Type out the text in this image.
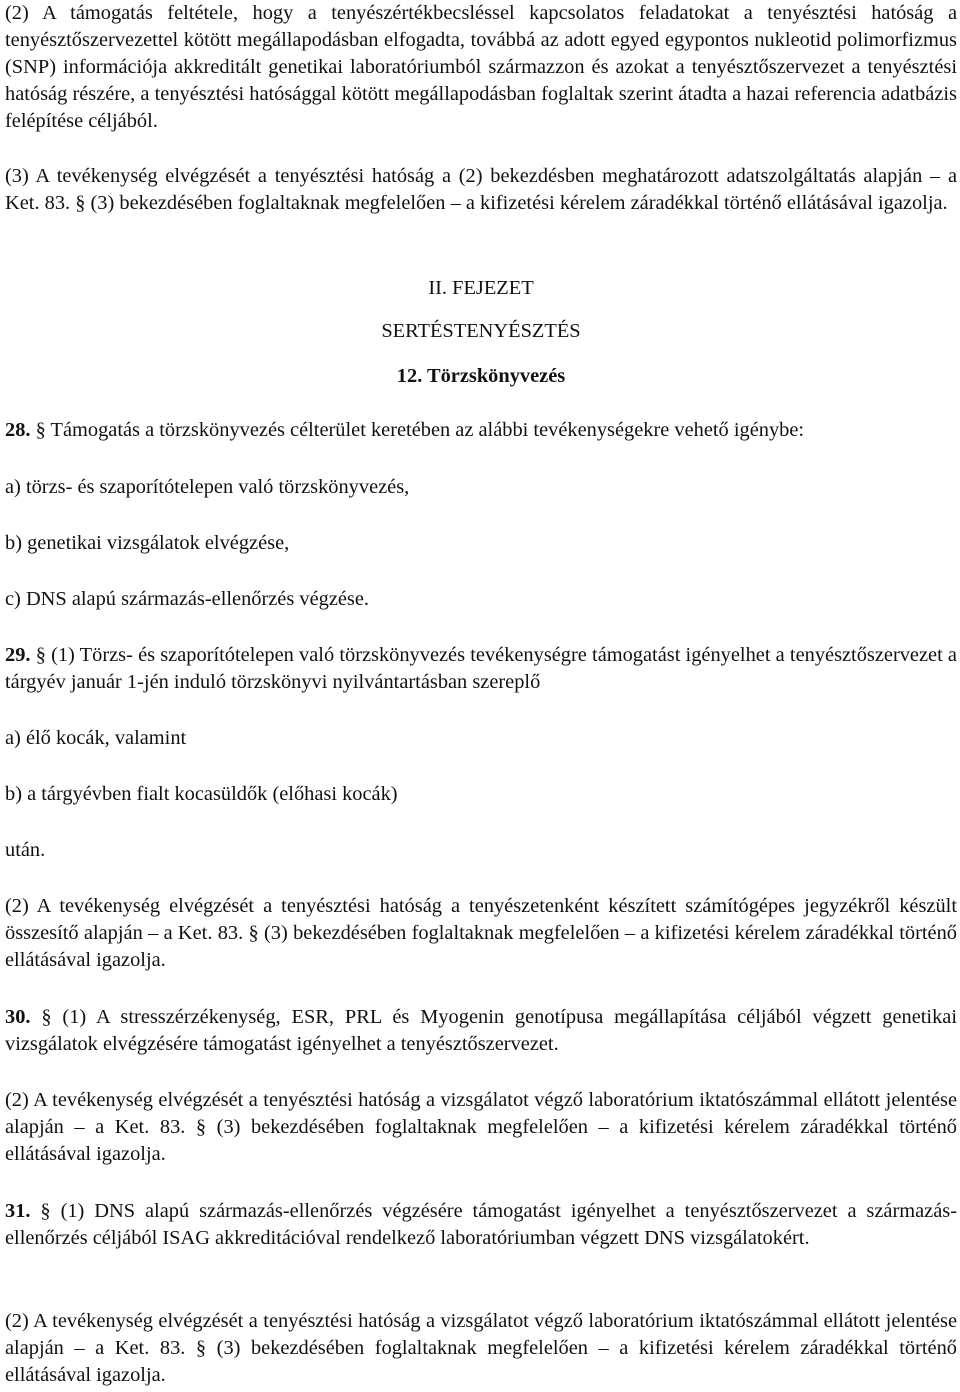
(2) A támogatás feltétele, hogy a tenyészértékbecsléssel kapcsolatos feladatokat a tenyésztési hatóság a tenyésztőszervezettel kötött megállapodásban elfogadta, továbbá az adott egyed egypontos nukleotid polimorfizmus (SNP) információja akkreditált genetikai laboratóriumból származzon és azokat a tenyésztőszervezet a tenyésztési hatóság részére, a tenyésztési hatósággal kötött megállapodásban foglaltak szerint átadta a hazai referencia adatbázis felépítése céljából.

(3) A tevékenység elvégzését a tenyésztési hatóság a (2) bekezdésben meghatározott adatszolgáltatás alapján – a Ket. 83. § (3) bekezdésében foglaltaknak megfelelően – a kifizetési kérelem záradékkal történő ellátásával igazolja.

II. FEJEZET

SERTÉSTENYÉSZTÉS

12. Törzskönyvezés

28. § Támogatás a törzskönyvezés célterület keretében az alábbi tevékenységekre vehető igénybe:

a) törzs- és szaporítótelepen való törzskönyvezés,

b) genetikai vizsgálatok elvégzése,

c) DNS alapú származás-ellenőrzés végzése.

29. § (1) Törzs- és szaporítótelepen való törzskönyvezés tevékenységre támogatást igényelhet a tenyésztőszervezet a tárgyév január 1-jén induló törzskönyvi nyilvántartásban szereplő

a) élő kocák, valamint

b) a tárgyévben fialt kocasüldők (előhasi kocák)

után.

(2) A tevékenység elvégzését a tenyésztési hatóság a tenyészetenként készített számítógépes jegyzékről készült összesítő alapján – a Ket. 83. § (3) bekezdésében foglaltaknak megfelelően – a kifizetési kérelem záradékkal történő ellátásával igazolja.

30. § (1) A stresszérzékenység, ESR, PRL és Myogenin genotípusa megállapítása céljából végzett genetikai vizsgálatok elvégzésére támogatást igényelhet a tenyésztőszervezet.

(2) A tevékenység elvégzését a tenyésztési hatóság a vizsgálatot végző laboratórium iktatószámmal ellátott jelentése alapján – a Ket. 83. § (3) bekezdésében foglaltaknak megfelelően – a kifizetési kérelem záradékkal történő ellátásával igazolja.

31. § (1) DNS alapú származás-ellenőrzés végzésére támogatást igényelhet a tenyésztőszervezet a származás-ellenőrzés céljából ISAG akkreditációval rendelkező laboratóriumban végzett DNS vizsgálatokért.

(2) A tevékenység elvégzését a tenyésztési hatóság a vizsgálatot végző laboratórium iktatószámmal ellátott jelentése alapján – a Ket. 83. § (3) bekezdésében foglaltaknak megfelelően – a kifizetési kérelem záradékkal történő ellátásával igazolja.
